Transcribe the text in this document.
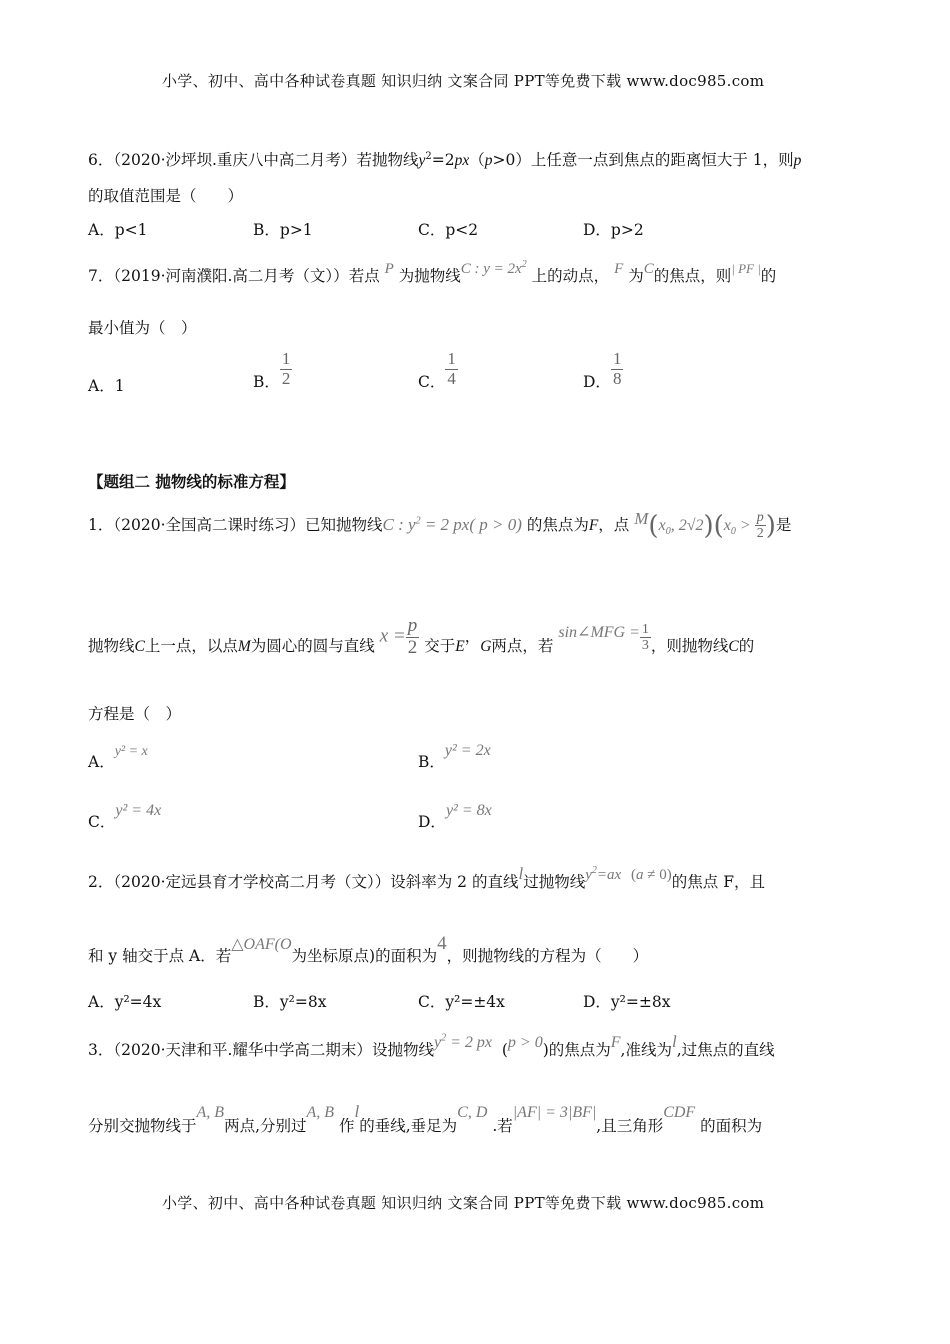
小学、初中、高中各种试卷真题 知识归纳 文案合同 PPT等免费下载 www.doc985.com
6．（2020·沙坪坝.重庆八中高二月考）若抛物线$y^2=2px(p>0)$上任意一点到焦点的距离恒大于 1，则p
的取值范围是（　　）
A．p<1	B．p>1	C．p<2	D．p>2
7．（2019·河南濮阳.高二月考（文））若点 P 为抛物线C : $y = 2x^2$ 上的动点， F 为C的焦点，则$^{| PF |}$的
最小值为（　）
A．1	B． $\frac{1}{2}$	C． $\frac{1}{4}$	D． $\frac{1}{8}$
【题组二 抛物线的标准方程】
1．（2020·全国高二课时练习）已知抛物线C : $y^2 = 2$ px( p > 0) 的焦点为F，点 $M(x_0$, $2√2)(x_0 > \frac{p}{2}$ )是
抛物线C上一点，以点M为圆心的圆与直线 $x = \frac{p}{2}$ 交于E，G两点，若 sin∠MFG = $\frac{1}{3}$ ，则抛物线C的
方程是（　）
A．y² = x
B．y² = 2x
C．y² = 4x
D．y² = 8x
2．（2020·定远县育才学校高二月考（文））设斜率为 2 的直线l过抛物线$y^2=ax$ (a ≠ 0)的焦点 F，且
和 y 轴交于点 A．若△OAF(O为坐标原点)的面积为4，则抛物线的方程为（　　）
A．y²=4x	B．y²=8x	C．y²=±4x	D．y²=±8x
3．（2020·天津和平.耀华中学高二期末）设抛物线$y^2 = 2$ px (p > 0)的焦点为F,准线为l,过焦点的直线
分别交抛物线于A, B两点,分别过A, B 作l的垂线,垂足为C, D .若|AF| = 3|BF|,且三角形CDF 的面积为
小学、初中、高中各种试卷真题 知识归纳 文案合同 PPT等免费下载 www.doc985.com
